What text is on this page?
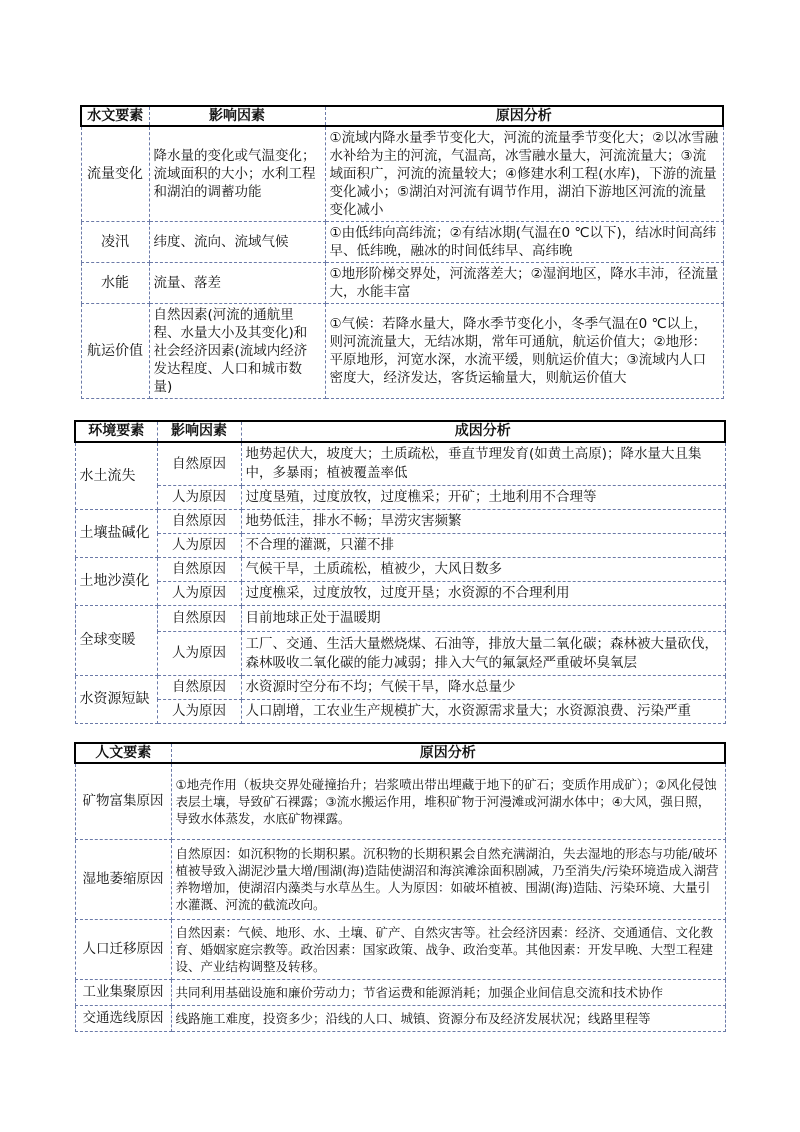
水文要素	影响因素	原因分析
流量变化	降水量的变化或气温变化；流域面积的大小；水利工程和湖泊的调蓄功能	①流域内降水量季节变化大，河流的流量季节变化大；②以冰雪融水补给为主的河流，气温高，冰雪融水量大，河流流量大；③流域面积广，河流的流量较大；④修建水利工程(水库)，下游的流量变化减小；⑤湖泊对河流有调节作用，湖泊下游地区河流的流量变化减小
凌汛	纬度、流向、流域气候	①由低纬向高纬流；②有结冰期(气温在0 ℃以下)，结冰时间高纬早、低纬晚，融冰的时间低纬早、高纬晚
水能	流量、落差	①地形阶梯交界处，河流落差大；②湿润地区，降水丰沛，径流量大，水能丰富
航运价值	自然因素(河流的通航里程、水量大小及其变化)和社会经济因素(流域内经济发达程度、人口和城市数量)	①气候：若降水量大，降水季节变化小，冬季气温在0 ℃以上，则河流流量大，无结冰期，常年可通航，航运价值大；②地形：平原地形，河宽水深，水流平缓，则航运价值大；③流域内人口密度大，经济发达，客货运输量大，则航运价值大
环境要素	影响因素	成因分析
水土流失	自然原因	地势起伏大，坡度大；土质疏松，垂直节理发育(如黄土高原)；降水量大且集中，多暴雨；植被覆盖率低
	人为原因	过度垦殖，过度放牧，过度樵采；开矿；土地利用不合理等
土壤盐碱化	自然原因	地势低洼，排水不畅；旱涝灾害频繁
	人为原因	不合理的灌溉，只灌不排
土地沙漠化	自然原因	气候干旱，土质疏松，植被少，大风日数多
	人为原因	过度樵采，过度放牧，过度开垦；水资源的不合理利用
全球变暖	自然原因	目前地球正处于温暖期
	人为原因	工厂、交通、生活大量燃烧煤、石油等，排放大量二氧化碳；森林被大量砍伐，森林吸收二氧化碳的能力减弱；排入大气的氟氯烃严重破坏臭氧层
水资源短缺	自然原因	水资源时空分布不均；气候干旱，降水总量少
	人为原因	人口剧增，工农业生产规模扩大，水资源需求量大；水资源浪费、污染严重
人文要素	原因分析
矿物富集原因	①地壳作用（板块交界处碰撞抬升；岩浆喷出带出埋藏于地下的矿石；变质作用成矿）；②风化侵蚀表层土壤，导致矿石裸露；③流水搬运作用，堆积矿物于河漫滩或河湖水体中；④大风，强日照，导致水体蒸发，水底矿物裸露。
湿地萎缩原因	自然原因：如沉积物的长期积累。沉积物的长期积累会自然充满湖泊，失去湿地的形态与功能/破坏植被导致入湖泥沙量大增/围湖(海)造陆使湖沼和海滨滩涂面积剧减，乃至消失/污染环境造成入湖营养物增加，使湖沼内藻类与水草丛生。人为原因：如破坏植被、围湖(海)造陆、污染环境、大量引水灌溉、河流的截流改向。
人口迁移原因	自然因素：气候、地形、水、土壤、矿产、自然灾害等。社会经济因素：经济、交通通信、文化教育、婚姻家庭宗教等。政治因素：国家政策、战争、政治变革。其他因素：开发早晚、大型工程建设、产业结构调整及转移。
工业集聚原因	共同利用基础设施和廉价劳动力；节省运费和能源消耗；加强企业间信息交流和技术协作
交通选线原因	线路施工难度，投资多少；沿线的人口、城镇、资源分布及经济发展状况；线路里程等
